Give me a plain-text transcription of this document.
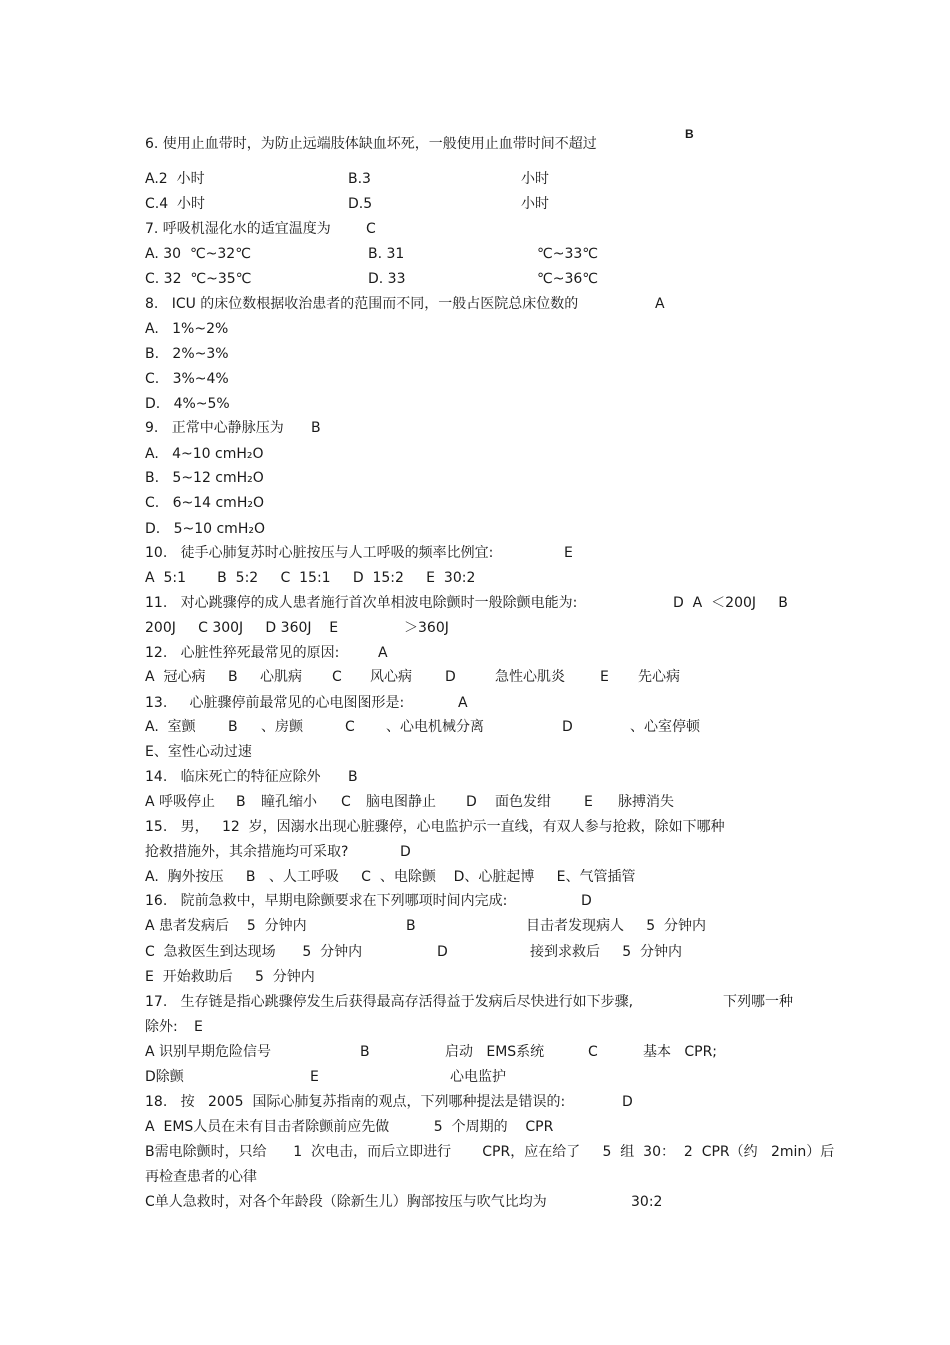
6. 使用止血带时，为防止远端肢体缺血坏死，一般使用止血带时间不超过
B
A.2  小时	B.3	小时
C.4  小时	D.5	小时
7. 呼吸机湿化水的适宜温度为	C
A. 30  ℃~32℃	B. 31	℃~33℃
C. 32  ℃~35℃	D. 33	℃~36℃
8.   ICU 的床位数根据收治患者的范围而不同，一般占医院总床位数的	A
A.   1%~2%
B.   2%~3%
C.   3%~4%
D.   4%~5%
9.   正常中心静脉压为 B
A.   4~10 cmH₂O
B.   5~12 cmH₂O
C.   6~14 cmH₂O
D.   5~10 cmH₂O
10.   徒手心肺复苏时心脏按压与人工呼吸的频率比例宜:	E
A  5:1       B  5:2     C  15:1     D  15:2     E  30:2
11.   对心跳骤停的成人患者施行首次单相波电除颤时一般除颤电能为:	D  A  ＜200J     B
200J     C 300J     D 360J    E	＞360J
12.   心脏性猝死最常见的原因:	A
A  冠心病 B 心肌病 C 风心病 D	急性心肌炎	E 先心病
13.     心脏骤停前最常见的心电图图形是:	A
A.  室颤 B 、房颤	C 、心电机械分离	D	、心室停顿
E、室性心动过速
14.   临床死亡的特征应除外 B
A 呼吸停止 B 瞳孔缩小 C 脑电图静止 D 面色发绀 E 脉搏消失
15.   男，   12  岁，因溺水出现心脏骤停，心电监护示一直线，有双人参与抢救，除如下哪种
抢救措施外，其余措施均可采取?	D
A.  胸外按压     B   、人工呼吸     C  、电除颤    D、心脏起博     E、气管插管
16.   院前急救中，早期电除颤要求在下列哪项时间内完成:	D
A 患者发病后    5  分钟内	B	目击者发现病人     5  分钟内
C  急救医生到达现场      5  分钟内	D	接到求救后     5  分钟内
E  开始救助后     5  分钟内
17.   生存链是指心跳骤停发生后获得最高存活得益于发病后尽快进行如下步骤,	下列哪一种
除外: E
A 识别早期危险信号	B	启动   EMS系统	C	基本   CPR;
D除颤	E	心电监护
18.   按   2005  国际心肺复苏指南的观点，下列哪种提法是错误的:	D
A  EMS人员在未有目击者除颤前应先做          5  个周期的    CPR
B需电除颤时，只给      1  次电击，而后立即进行       CPR，应在给了     5  组  30：  2  CPR（约   2min）后
再检查患者的心律
C单人急救时，对各个年龄段（除新生儿）胸部按压与吹气比均为	30:2
